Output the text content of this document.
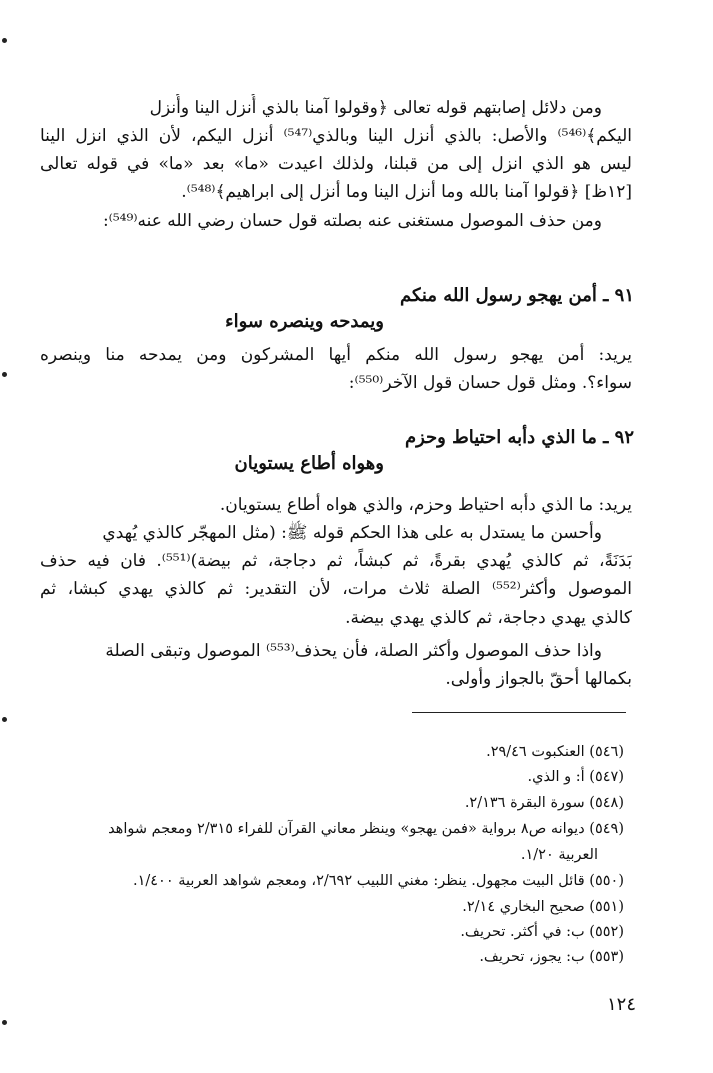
ومن دلائل إصابتهم قوله تعالى ﴿وقولوا آمنا بالذي أُنزل الينا وأُنزل
اليكم﴾⁽⁵⁴⁶⁾ والأصل: بالذي أنزل الينا وبالذي⁽⁵⁴⁷⁾ أنزل اليكم، لأن الذي انزل الينا
ليس هو الذي انزل إلى من قبلنا، ولذلك اعيدت «ما» بعد «ما» في قوله تعالى
[١٢ظ] ﴿قولوا آمنا بالله وما أنزل الينا وما أنزل إلى ابراهيم﴾⁽⁵⁴⁸⁾.
ومن حذف الموصول مستغنى عنه بصلته قول حسان رضي الله عنه⁽⁵⁴⁹⁾:
٩١ ـ أمن يهجو رسول الله منكم
ويمدحه وينصره سواء
يريد: أمن يهجو رسول الله منكم أيها المشركون ومن يمدحه منا وينصره
سواء؟. ومثل قول حسان قول الآخر⁽⁵⁵⁰⁾:
٩٢ ـ ما الذي دأبه احتياط وحزم
وهواه أطاع يستويان
يريد: ما الذي دأبه احتياط وحزم، والذي هواه أطاع يستويان.
وأحسن ما يستدل به على هذا الحكم قوله ﷺ: (مثل المهجّر كالذي يُهدي
بَدَنَةً، ثم كالذي يُهدي بقرةً، ثم كبشاً، ثم دجاجة، ثم بيضة)⁽⁵⁵¹⁾. فان فيه حذف
الموصول وأكثر⁽⁵⁵²⁾ الصلة ثلاث مرات، لأن التقدير: ثم كالذي يهدي كبشا، ثم
كالذي يهدي دجاجة، ثم كالذي يهدي بيضة.
واذا حذف الموصول وأكثر الصلة، فأن يحذف⁽⁵⁵³⁾ الموصول وتبقى الصلة
بكمالها أحقّ بالجواز وأولى.
(٥٤٦) العنكبوت ٢٩/٤٦.
(٥٤٧) أ: و الذي.
(٥٤٨) سورة البقرة ٢/١٣٦.
(٥٤٩) ديوانه ص٨ برواية «فمن يهجو» وينظر معاني القرآن للفراء ٢/٣١٥ ومعجم شواهد
العربية ١/٢٠.
(٥٥٠) قائل البيت مجهول. ينظر: مغني اللبيب ٢/٦٩٢، ومعجم شواهد العربية ١/٤٠٠.
(٥٥١) صحيح البخاري ٢/١٤.
(٥٥٢) ب: في أكثر. تحريف.
(٥٥٣) ب: يجوز، تحريف.
١٢٤
